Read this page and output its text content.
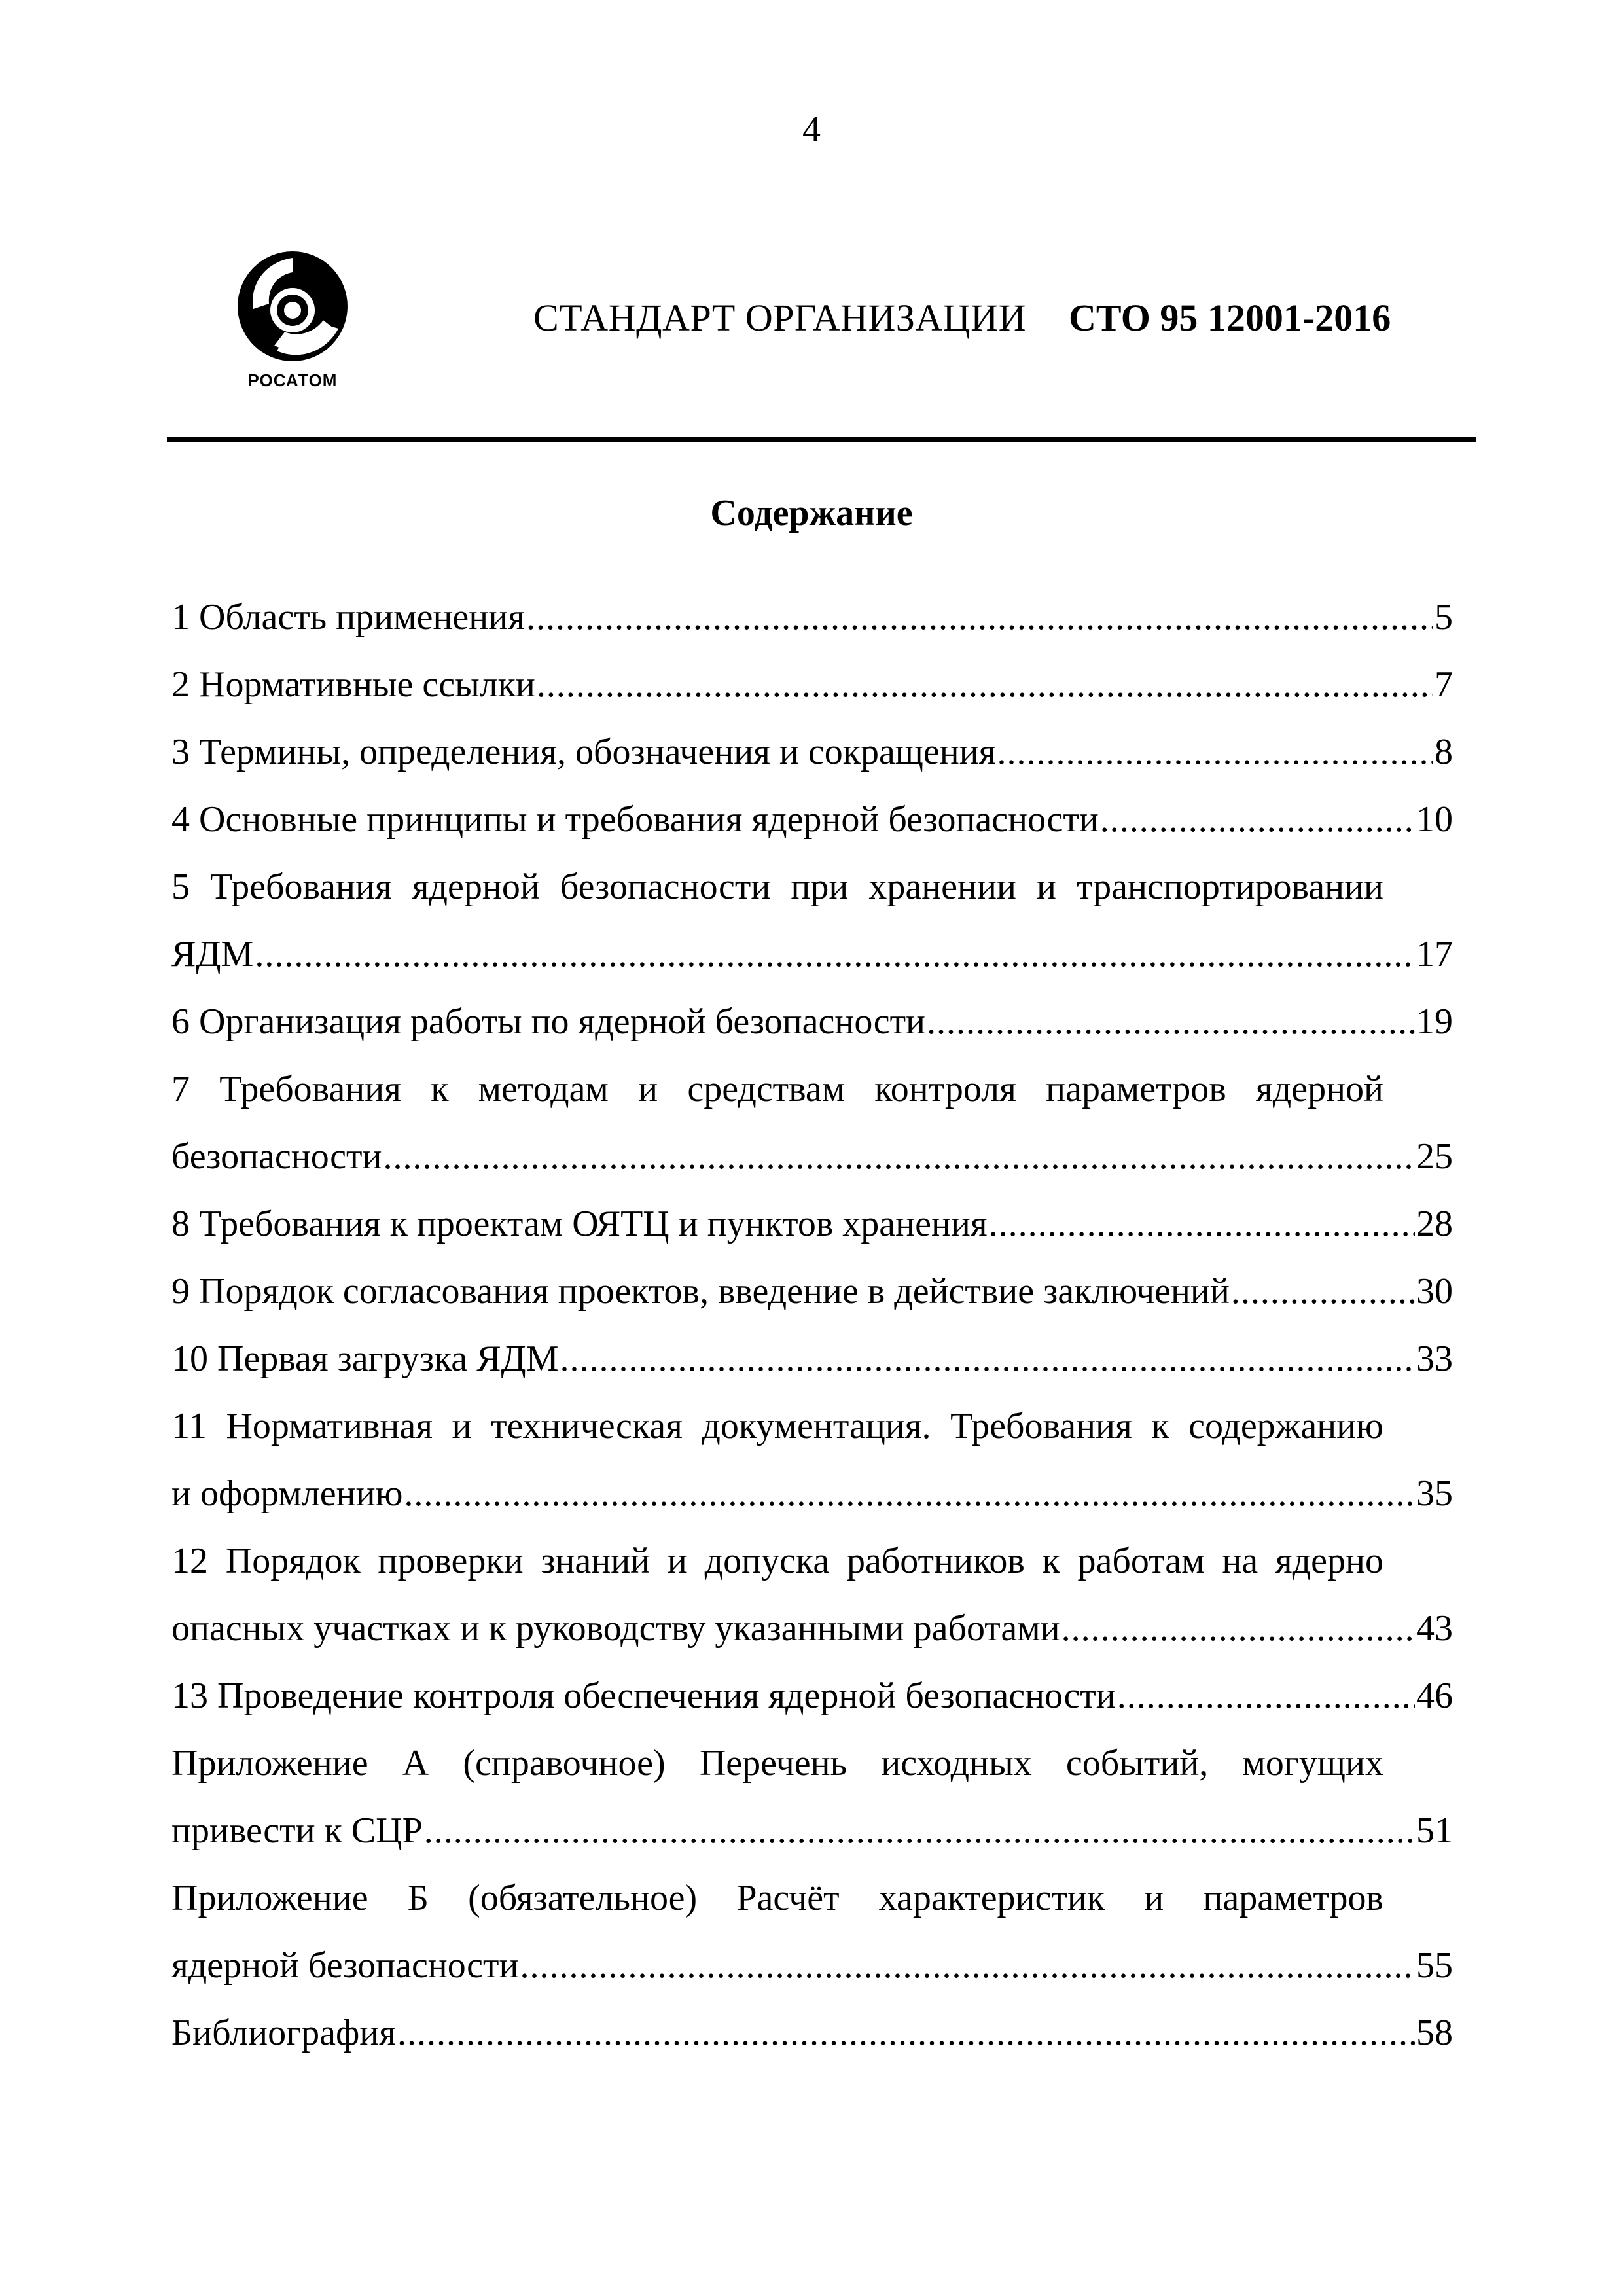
4
РОСАТОМ
СТАНДАРТ ОРГАНИЗАЦИИ СТО 95 12001-2016
Содержание
1 Область применения .....	5
2 Нормативные ссылки .....	7
3 Термины, определения, обозначения и сокращения .....	8
4 Основные принципы и требования ядерной безопасности .....	10
5 Требования ядерной безопасности при хранении и транспортировании
ЯДМ .....	17
6 Организация работы по ядерной безопасности .....	19
7 Требования к методам и средствам контроля параметров ядерной
безопасности .....	25
8 Требования к проектам ОЯТЦ и пунктов хранения .....	28
9 Порядок согласования проектов, введение в действие заключений .....	30
10 Первая загрузка ЯДМ .....	33
11 Нормативная и техническая документация. Требования к содержанию
и оформлению .....	35
12 Порядок проверки знаний и допуска работников к работам на ядерно
опасных участках и к руководству указанными работами .....	43
13 Проведение контроля обеспечения ядерной безопасности .....	46
Приложение А (справочное) Перечень исходных событий, могущих
привести к СЦР .....	51
Приложение Б (обязательное) Расчёт характеристик и параметров
ядерной безопасности .....	55
Библиография .....	58
